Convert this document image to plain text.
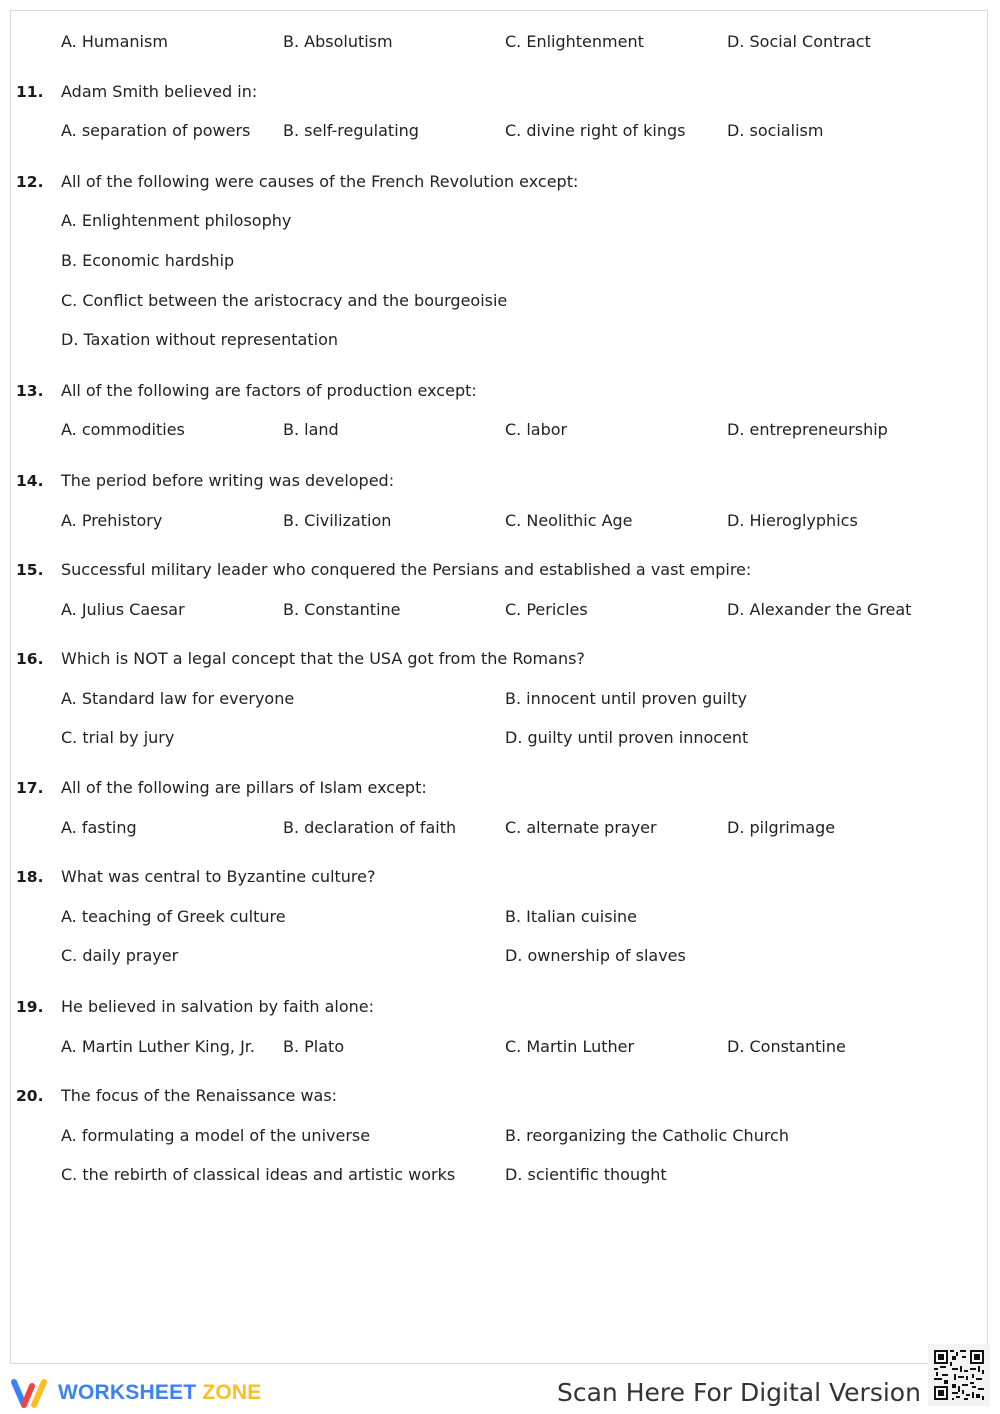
A. Humanism	B. Absolutism	C. Enlightenment	D. Social Contract
11. Adam Smith believed in:
A. separation of powers B. self-regulating	C. divine right of kings	D. socialism
12. All of the following were causes of the French Revolution except:
A. Enlightenment philosophy
B. Economic hardship
C. Conflict between the aristocracy and the bourgeoisie
D. Taxation without representation
13. All of the following are factors of production except:
A. commodities	B. land	C. labor	D. entrepreneurship
14. The period before writing was developed:
A. Prehistory	B. Civilization	C. Neolithic Age	D. Hieroglyphics
15. Successful military leader who conquered the Persians and established a vast empire:
A. Julius Caesar	B. Constantine	C. Pericles	D. Alexander the Great
16. Which is NOT a legal concept that the USA got from the Romans?
A. Standard law for everyone	B. innocent until proven guilty
C. trial by jury	D. guilty until proven innocent
17. All of the following are pillars of Islam except:
A. fasting	B. declaration of faith	C. alternate prayer	D. pilgrimage
18. What was central to Byzantine culture?
A. teaching of Greek culture	B. Italian cuisine
C. daily prayer	D. ownership of slaves
19. He believed in salvation by faith alone:
A. Martin Luther King, Jr. B. Plato	C. Martin Luther	D. Constantine
20. The focus of the Renaissance was:
A. formulating a model of the universe	B. reorganizing the Catholic Church
C. the rebirth of classical ideas and artistic works	D. scientific thought
WORKSHEET ZONE	Scan Here For Digital Version
